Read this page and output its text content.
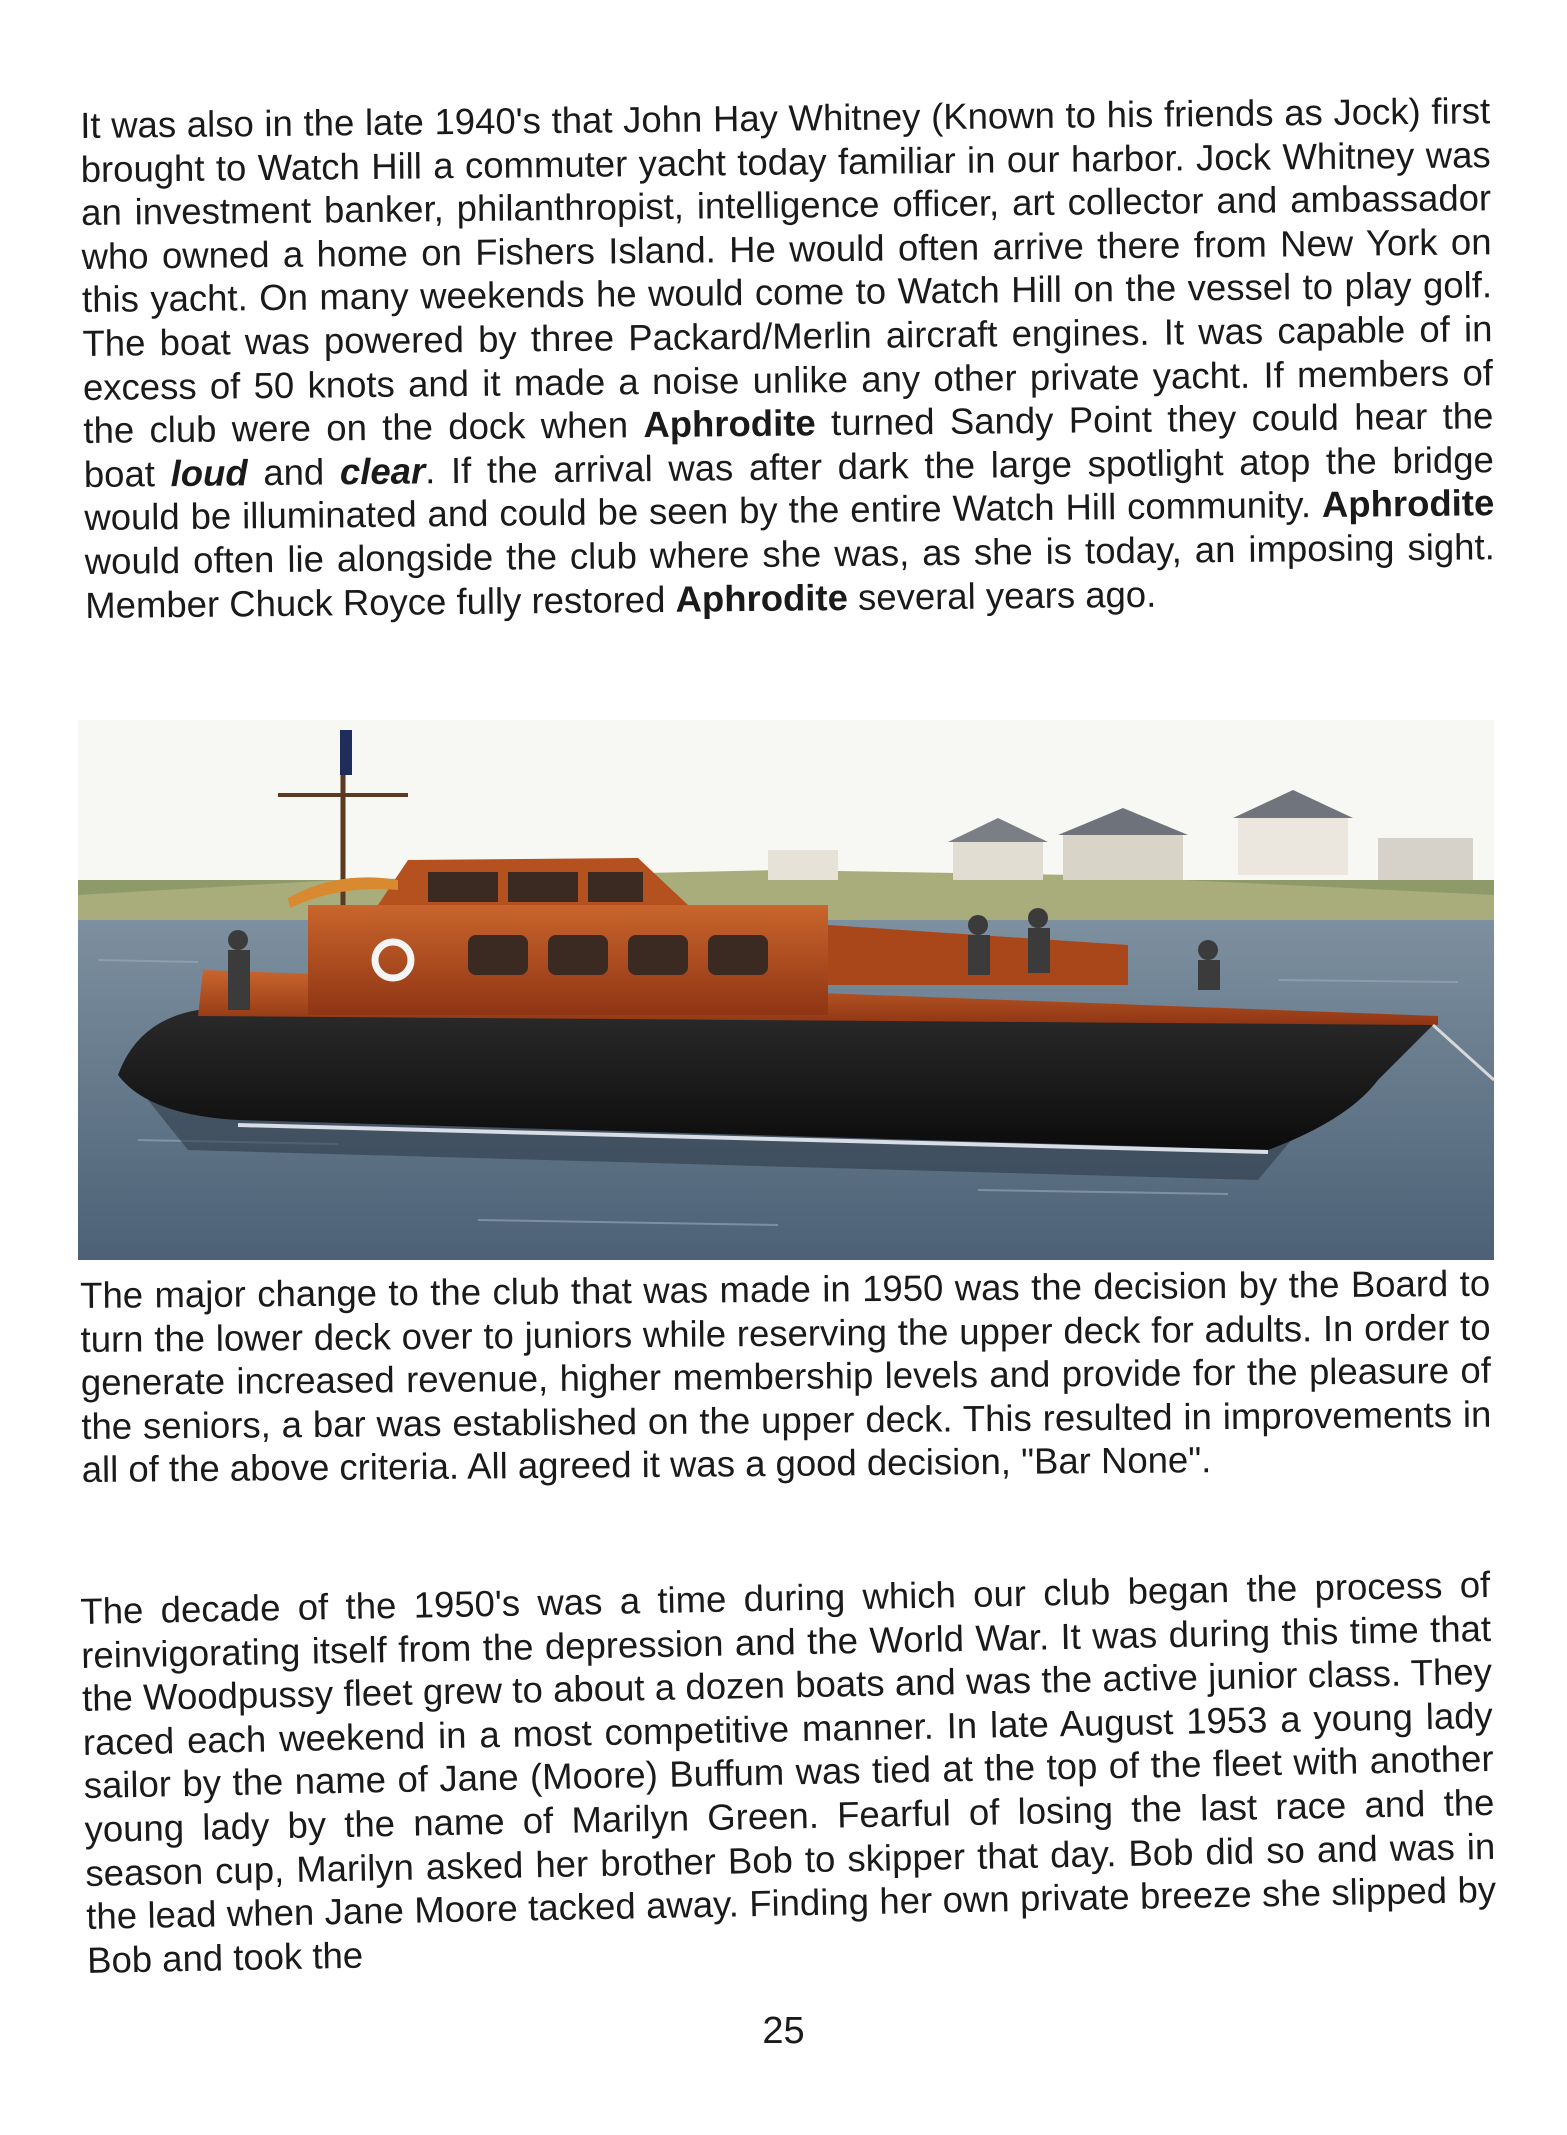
It was also in the late 1940's that John Hay Whitney (Known to his friends as Jock) first brought to Watch Hill a commuter yacht today familiar in our harbor. Jock Whitney was an investment banker, philanthropist, intelligence officer, art collector and ambassador who owned a home on Fishers Island. He would often arrive there from New York on this yacht. On many weekends he would come to Watch Hill on the vessel to play golf. The boat was powered by three Packard/Merlin aircraft engines. It was capable of in excess of 50 knots and it made a noise unlike any other private yacht. If members of the club were on the dock when Aphrodite turned Sandy Point they could hear the boat loud and clear. If the arrival was after dark the large spotlight atop the bridge would be illuminated and could be seen by the entire Watch Hill community. Aphrodite would often lie alongside the club where she was, as she is today, an imposing sight. Member Chuck Royce fully restored Aphrodite several years ago.

The major change to the club that was made in 1950 was the decision by the Board to turn the lower deck over to juniors while reserving the upper deck for adults. In order to generate increased revenue, higher membership levels and provide for the pleasure of the seniors, a bar was established on the upper deck. This resulted in improvements in all of the above criteria. All agreed it was a good decision, "Bar None".

The decade of the 1950's was a time during which our club began the process of reinvigorating itself from the depression and the World War. It was during this time that the Woodpussy fleet grew to about a dozen boats and was the active junior class. They raced each weekend in a most competitive manner. In late August 1953 a young lady sailor by the name of Jane (Moore) Buffum was tied at the top of the fleet with another young lady by the name of Marilyn Green. Fearful of losing the last race and the season cup, Marilyn asked her brother Bob to skipper that day. Bob did so and was in the lead when Jane Moore tacked away. Finding her own private breeze she slipped by Bob and took the

25
